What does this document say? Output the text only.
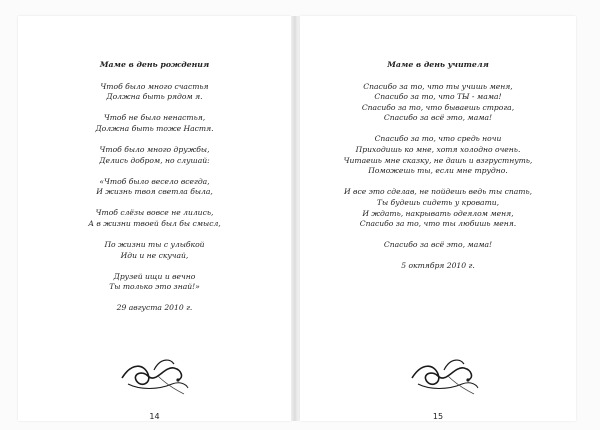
Маме в день рождения
Чтоб было много счастья
Должна быть рядом я.
Чтоб не было ненастья,
Должна быть тоже Настя.
Чтоб было много дружбы,
Делись добром, но слушай:
«Чтоб было весело всегда,
И жизнь твоя светла была,
Чтоб слёзы вовсе не лились,
А в жизни твоей был бы смысл,
По жизни ты с улыбкой
Иди и не скучай,
Друзей ищи и вечно
Ты только это знай!»
29 августа 2010 г.
14
Маме в день учителя
Спасибо за то, что ты учишь меня,
Спасибо за то, что ТЫ - мама!
Спасибо за то, что бываешь строга,
Спасибо за всё это, мама!
Спасибо за то, что средь ночи
Приходишь ко мне, хотя холодно очень.
Читаешь мне сказку, не дашь и взгрустнуть,
Поможешь ты, если мне трудно.
И все это сделав, не пойдешь ведь ты спать,
Ты будешь сидеть у кровати,
И ждать, накрывать одеялом меня,
Спасибо за то, что ты любишь меня.
Спасибо за всё это, мама!
5 октября 2010 г.
15
